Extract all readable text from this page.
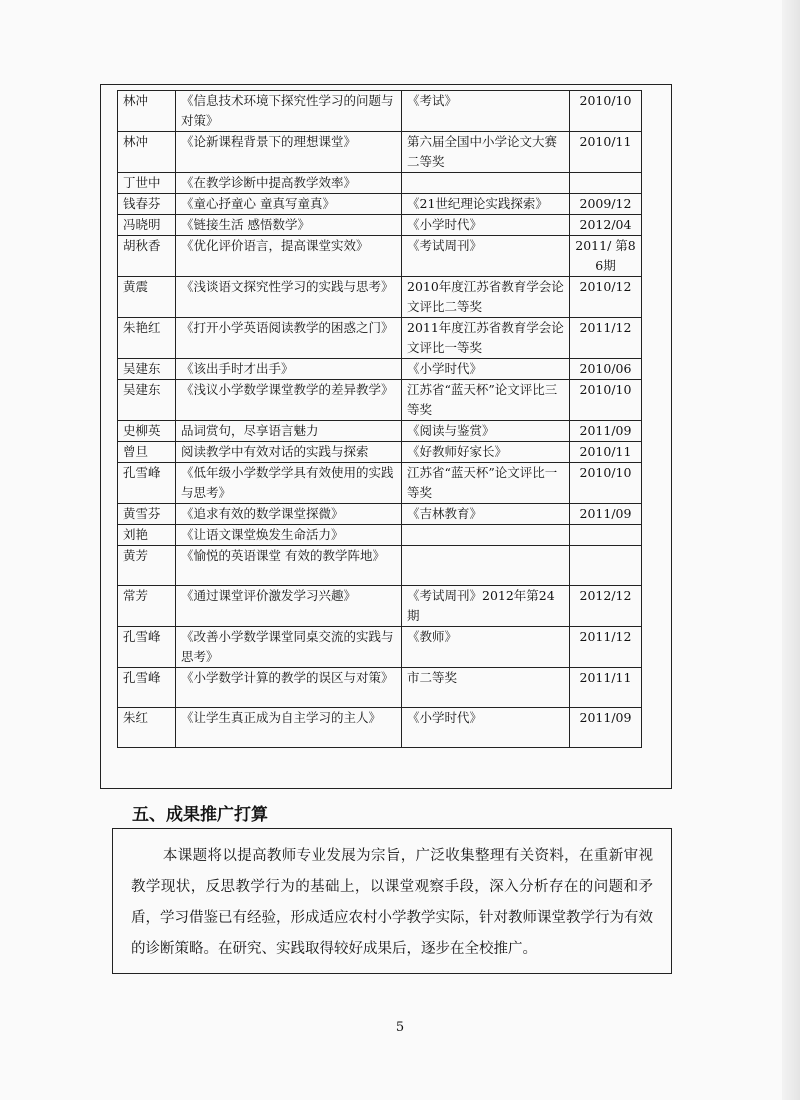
林冲	《信息技术环境下探究性学习的问题与对策》	《考试》	2010/10
林冲	《论新课程背景下的理想课堂》	第六届全国中小学论文大赛二等奖	2010/11
丁世中	《在教学诊断中提高教学效率》		
钱春芬	《童心抒童心 童真写童真》	《21世纪理论实践探索》	2009/12
冯晓明	《链接生活 感悟数学》	《小学时代》	2012/04
胡秋香	《优化评价语言，提高课堂实效》	《考试周刊》	2011/ 第86期
黄震	《浅谈语文探究性学习的实践与思考》	2010年度江苏省教育学会论文评比二等奖	2010/12
朱艳红	《打开小学英语阅读教学的困惑之门》	2011年度江苏省教育学会论文评比一等奖	2011/12
吴建东	《该出手时才出手》	《小学时代》	2010/06
吴建东	《浅议小学数学课堂教学的差异教学》	江苏省“蓝天杯”论文评比三等奖	2010/10
史柳英	品词赏句，尽享语言魅力	《阅读与鉴赏》	2011/09
曾旦	阅读教学中有效对话的实践与探索	《好教师好家长》	2010/11
孔雪峰	《低年级小学数学学具有效使用的实践与思考》	江苏省“蓝天杯”论文评比一等奖	2010/10
黄雪芬	《追求有效的数学课堂探微》	《吉林教育》	2011/09
刘艳	《让语文课堂焕发生命活力》		
黄芳	《愉悦的英语课堂 有效的教学阵地》		
常芳	《通过课堂评价激发学习兴趣》	《考试周刊》2012年第24期	2012/12
孔雪峰	《改善小学数学课堂同桌交流的实践与思考》	《教师》	2011/12
孔雪峰	《小学数学计算的教学的误区与对策》	市二等奖	2011/11
朱红	《让学生真正成为自主学习的主人》	《小学时代》	2011/09
五、成果推广打算

本课题将以提高教师专业发展为宗旨，广泛收集整理有关资料，在重新审视教学现状，反思教学行为的基础上，以课堂观察手段，深入分析存在的问题和矛盾，学习借鉴已有经验，形成适应农村小学教学实际，针对教师课堂教学行为有效的诊断策略。在研究、实践取得较好成果后，逐步在全校推广。

5
